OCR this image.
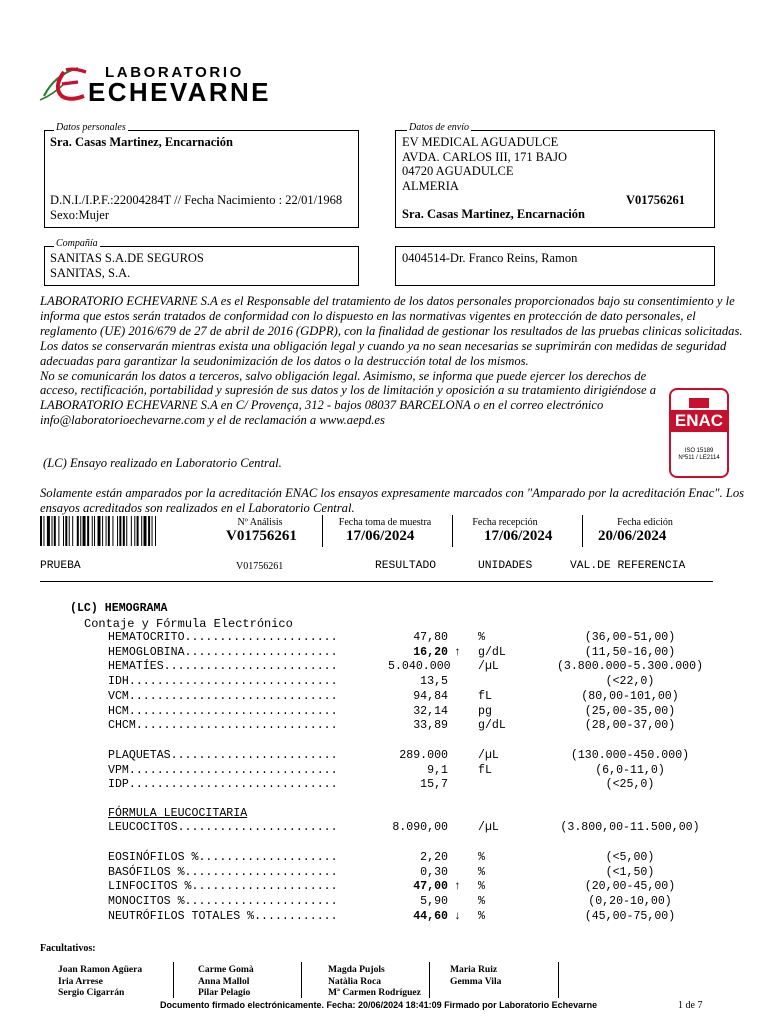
LABORATORIO
ECHEVARNE
Datos personales
Sra. Casas Martinez, Encarnación
D.N.I./I.P.F.:22004284T // Fecha Nacimiento : 22/01/1968
Sexo:Mujer
Datos de envío
EV MEDICAL AGUADULCE
AVDA. CARLOS III, 171 BAJO
04720 AGUADULCE
ALMERIA
V01756261
Sra. Casas Martinez, Encarnación
Compañía
SANITAS S.A.DE SEGUROS
SANITAS, S.A.
0404514-Dr. Franco Reins, Ramon
LABORATORIO ECHEVARNE S.A es el Responsable del tratamiento de los datos personales proporcionados bajo su consentimiento y le informa que estos serán tratados de conformidad con lo dispuesto en las normativas vigentes en protección de dato personales, el reglamento (UE) 2016/679 de 27 de abril de 2016 (GDPR), con la finalidad de gestionar los resultados de las pruebas clinicas solicitadas. Los datos se conservarán mientras exista una obligación legal y cuando ya no sean necesarias se suprimirán con medidas de seguridad adecuadas para garantizar la seudonimización de los datos o la destrucción total de los mismos.
No se comunicarán los datos a terceros, salvo obligación legal. Asimismo, se informa que puede ejercer los derechos de acceso, rectificación, portabilidad y supresión de sus datos y los de limitación y oposición a su tratamiento dirigiéndose a LABORATORIO ECHEVARNE S.A en C/ Provença, 312 - bajos 08037 BARCELONA o en el correo electrónico info@laboratorioechevarne.com y el de reclamación a www.aepd.es	ENAC
ISO 15189
Nº511 / LE2114
(LC) Ensayo realizado en Laboratorio Central.
Solamente están amparados por la acreditación ENAC los ensayos expresamente marcados con "Amparado por la acreditación Enac". Los ensayos acreditados son realizados en el Laboratorio Central.
Nº Análisis
V01756261
Fecha toma de muestra
17/06/2024
Fecha recepción
17/06/2024
Fecha edición
20/06/2024
PRUEBA	V01756261	RESULTADO	UNIDADES	VAL.DE REFERENCIA
(LC) HEMOGRAMA
Contaje y Fórmula Electrónico
FÓRMULA LEUCOCITARIA
HEMATOCRITO......................	47,80	%	(36,00-51,00)
HEMOGLOBINA......................	16,20 ↑ g/dL	(11,50-16,00)
HEMATÍES.........................	5.040.000 /µL	(3.800.000-5.300.000)
IDH..............................	13,5	(<22,0)
VCM..............................	94,84	fL	(80,00-101,00)
HCM..............................	32,14	pg	(25,00-35,00)
CHCM.............................	33,89	g/dL	(28,00-37,00)
PLAQUETAS........................	289.000	/µL	(130.000-450.000)
VPM..............................	9,1	fL	(6,0-11,0)
IDP..............................	15,7	(<25,0)
LEUCOCITOS.......................	8.090,00	/µL	(3.800,00-11.500,00)
EOSINÓFILOS %....................	2,20	%	(<5,00)
BASÓFILOS %......................	0,30	%	(<1,50)
LINFOCITOS %.....................	47,00 ↑ %	(20,00-45,00)
MONOCITOS %......................	5,90	%	(0,20-10,00)
NEUTRÓFILOS TOTALES %............	44,60 ↓ %	(45,00-75,00)
Facultativos:
Joan Ramon Agüera
Iria Arrese
Sergio Cigarrán
Carme Gomà
Anna Mallol
Pilar Pelagio
Magda Pujols
Natàlia Roca
Mª Carmen Rodríguez
Maria Ruiz
Gemma Vila

Documento firmado electrónicamente. Fecha: 20/06/2024 18:41:09 Firmado por Laboratorio Echevarne	1 de 7
